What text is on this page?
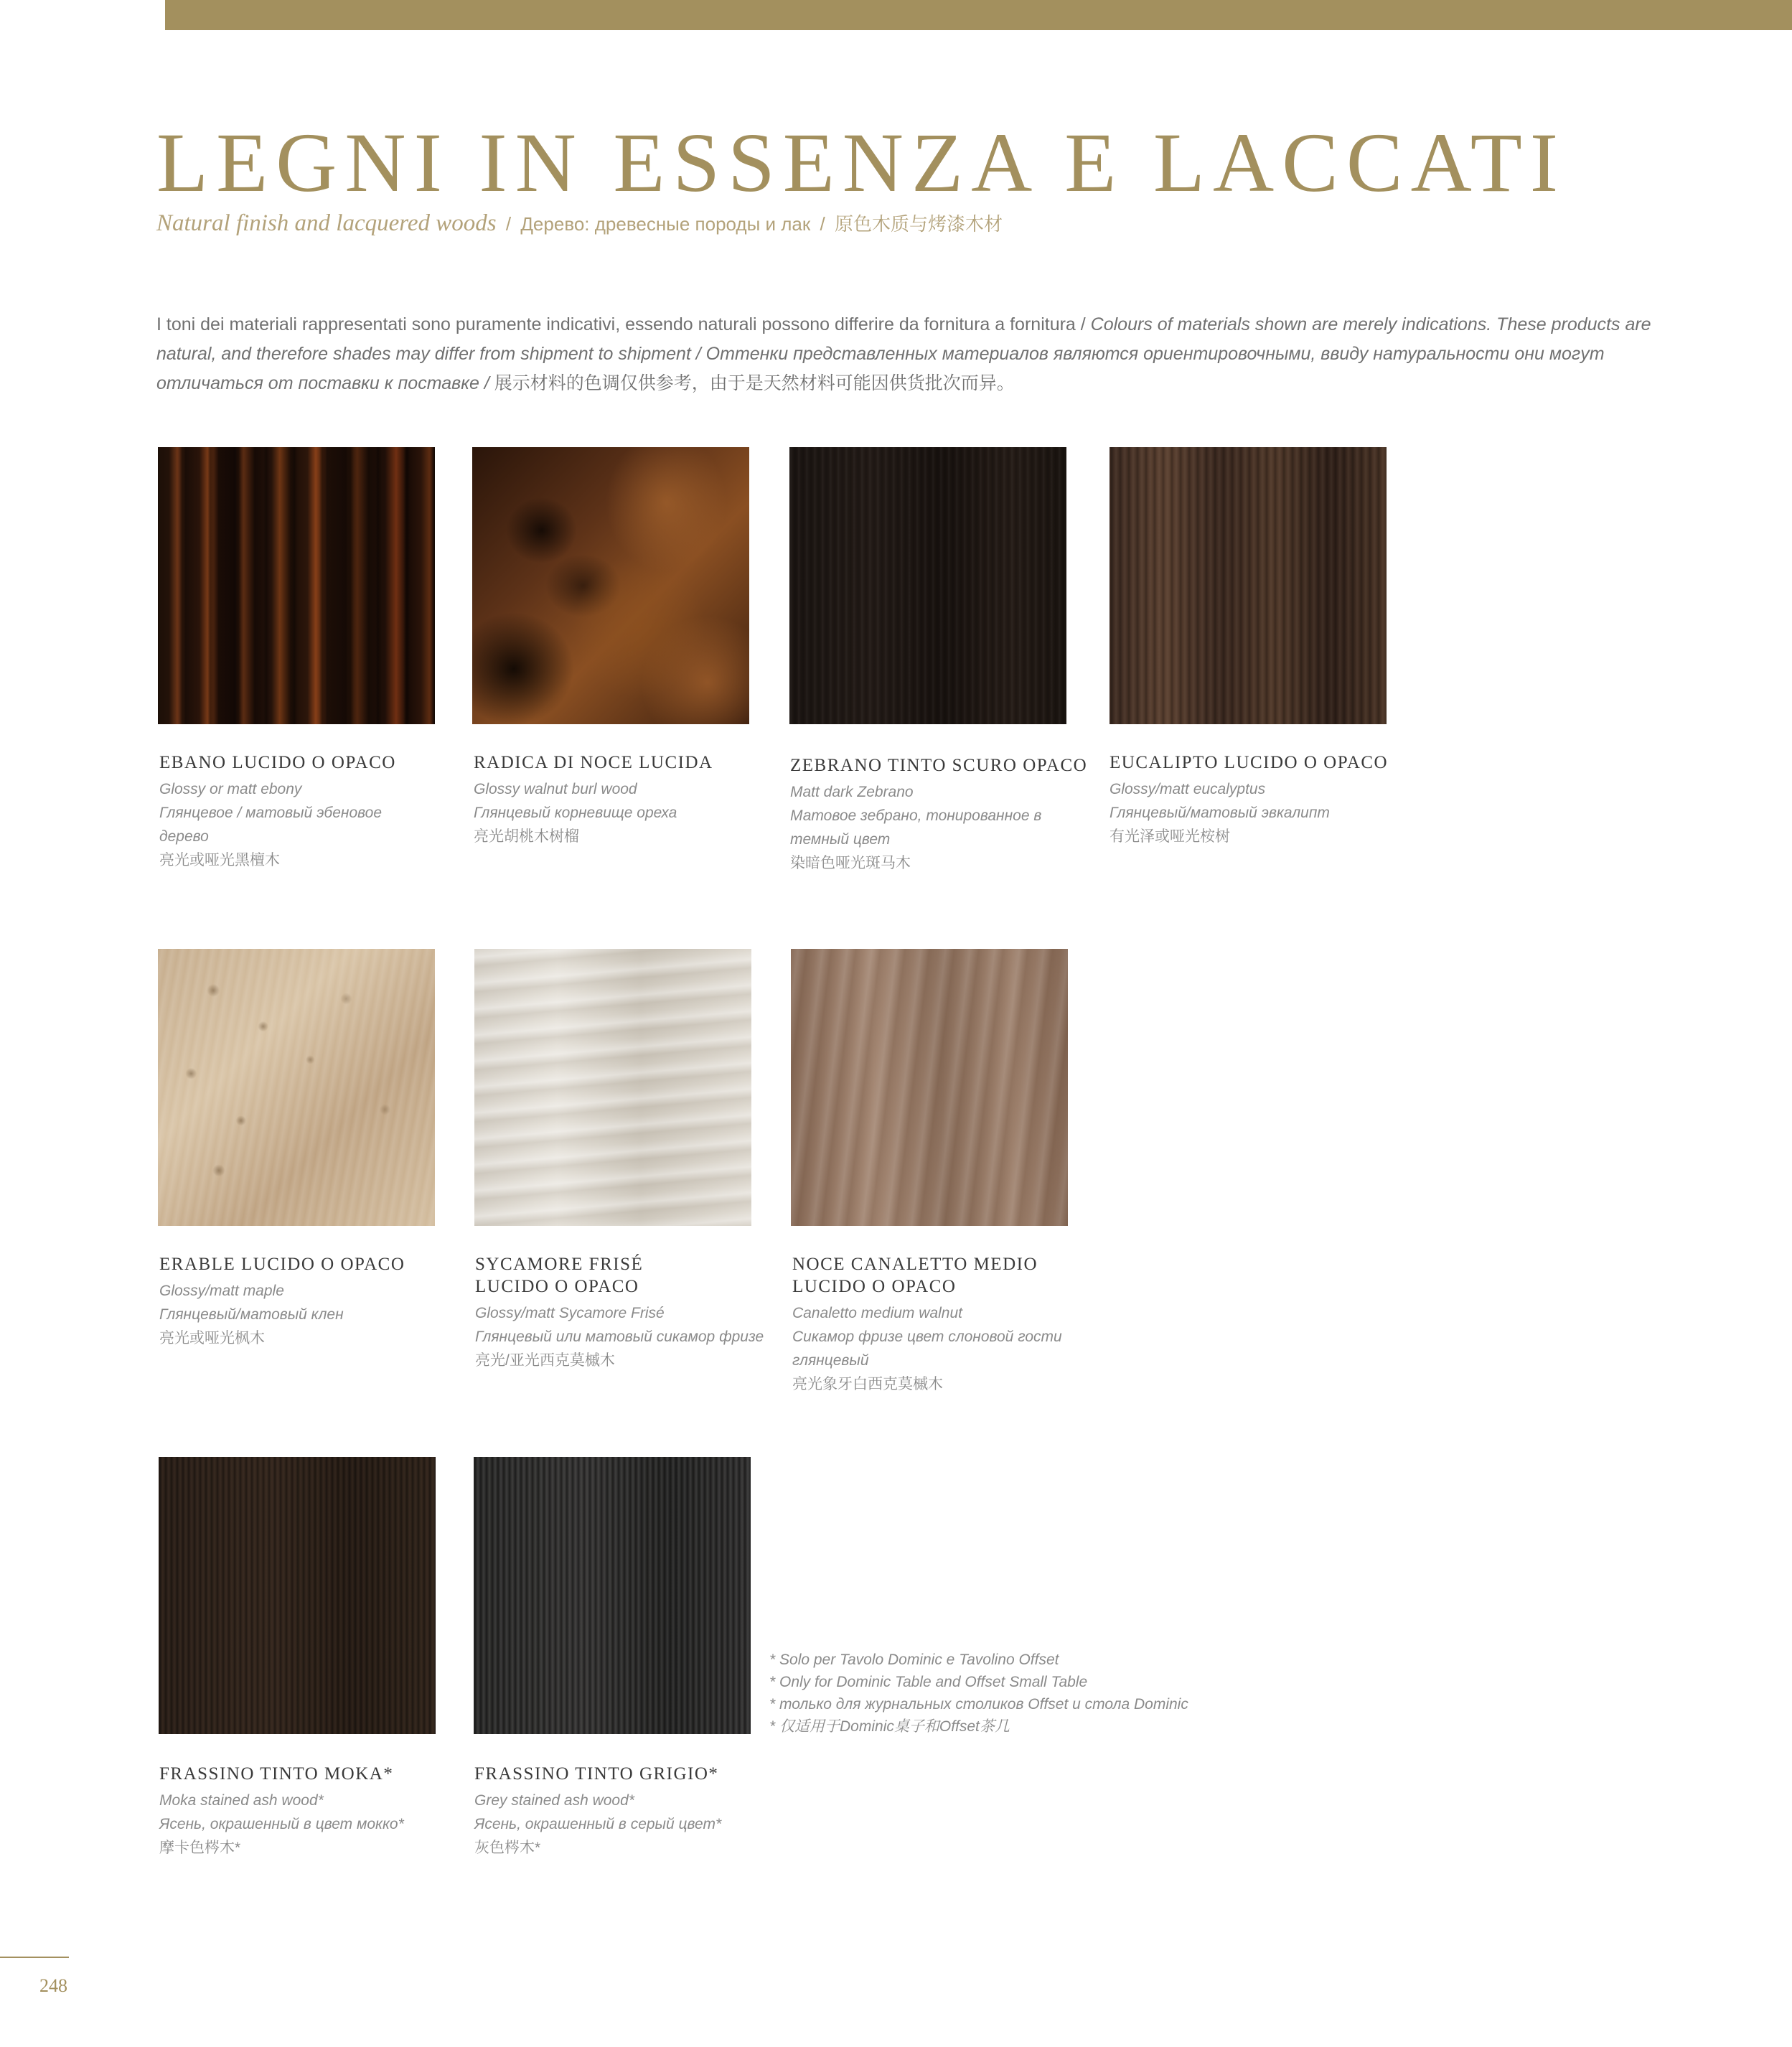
LEGNI IN ESSENZA E LACCATI
Natural finish and lacquered woods / Дерево: древесные породы и лак / 原色木质与烤漆木材

I toni dei materiali rappresentati sono puramente indicativi, essendo naturali possono differire da fornitura a fornitura / Colours of materials shown are merely indications. These products are natural, and therefore shades may differ from shipment to shipment / Оттенки представленных материалов являются ориентировочными, ввиду натуральности они могут отличаться от поставки к поставке / 展示材料的色调仅供参考，由于是天然材料可能因供货批次而异。

EBANO LUCIDO O OPACO
Glossy or matt ebony
Глянцевое / матовый эбеновое дерево
亮光或哑光黑檀木
RADICA DI NOCE LUCIDA
Glossy walnut burl wood
Глянцевый корневище ореха
亮光胡桃木树榴
ZEBRANO TINTO SCURO OPACO
Matt dark Zebrano
Матовое зебрано, тонированное в темный цвет
染暗色哑光斑马木
EUCALIPTO LUCIDO O OPACO
Glossy/matt eucalyptus
Глянцевый/матовый эвкалипт
有光泽或哑光桉树
ERABLE LUCIDO O OPACO
Glossy/matt maple
Глянцевый/матовый клен
亮光或哑光枫木
SYCAMORE FRISÉ
LUCIDO O OPACO
Glossy/matt Sycamore Frisé
Глянцевый или матовый сикамор фризе
亮光/亚光西克莫槭木
NOCE CANALETTO MEDIO
LUCIDO O OPACO
Canaletto medium walnut
Сикамор фризе цвет слоновой гости глянцевый
亮光象牙白西克莫槭木
FRASSINO TINTO MOKA*
Moka stained ash wood*
Ясень, окрашенный в цвет мокко*
摩卡色梣木*
FRASSINO TINTO GRIGIO*
Grey stained ash wood*
Ясень, окрашенный в серый цвет*
灰色梣木*
* Solo per Tavolo Dominic e Tavolino Offset
* Only for Dominic Table and Offset Small Table
* только для журнальных столиков Offset и стола Dominic
* 仅适用于Dominic桌子和Offset茶几
248
